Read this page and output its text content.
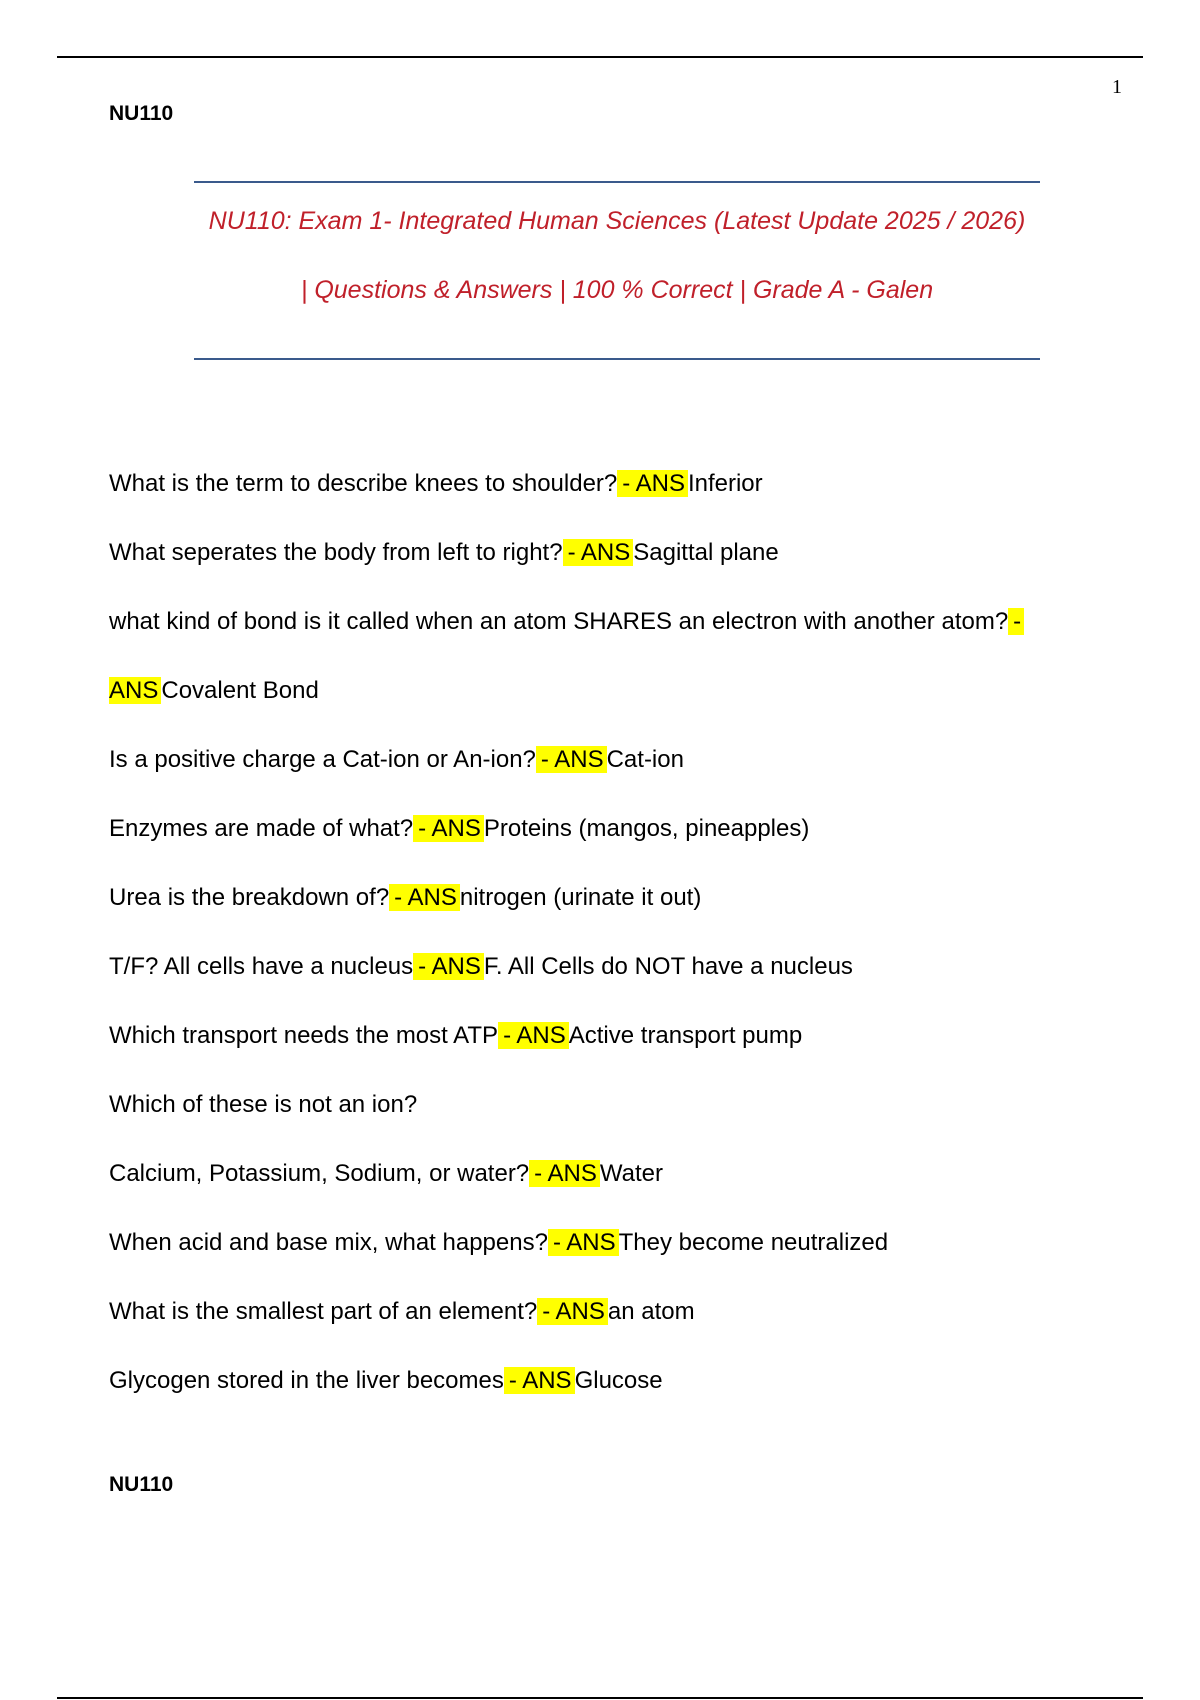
1
NU110
NU110: Exam 1- Integrated Human Sciences (Latest Update 2025 / 2026)
| Questions & Answers | 100 % Correct | Grade A - Galen
What is the term to describe knees to shoulder? - ANS Inferior
What seperates the body from left to right? - ANS Sagittal plane
what kind of bond is it called when an atom SHARES an electron with another atom? -
ANS Covalent Bond
Is a positive charge a Cat-ion or An-ion? - ANS Cat-ion
Enzymes are made of what? - ANS Proteins (mangos, pineapples)
Urea is the breakdown of? - ANS nitrogen (urinate it out)
T/F? All cells have a nucleus - ANS F. All Cells do NOT have a nucleus
Which transport needs the most ATP - ANS Active transport pump
Which of these is not an ion?
Calcium, Potassium, Sodium, or water? - ANS Water
When acid and base mix, what happens? - ANS They become neutralized
What is the smallest part of an element? - ANS an atom
Glycogen stored in the liver becomes - ANS Glucose
NU110
